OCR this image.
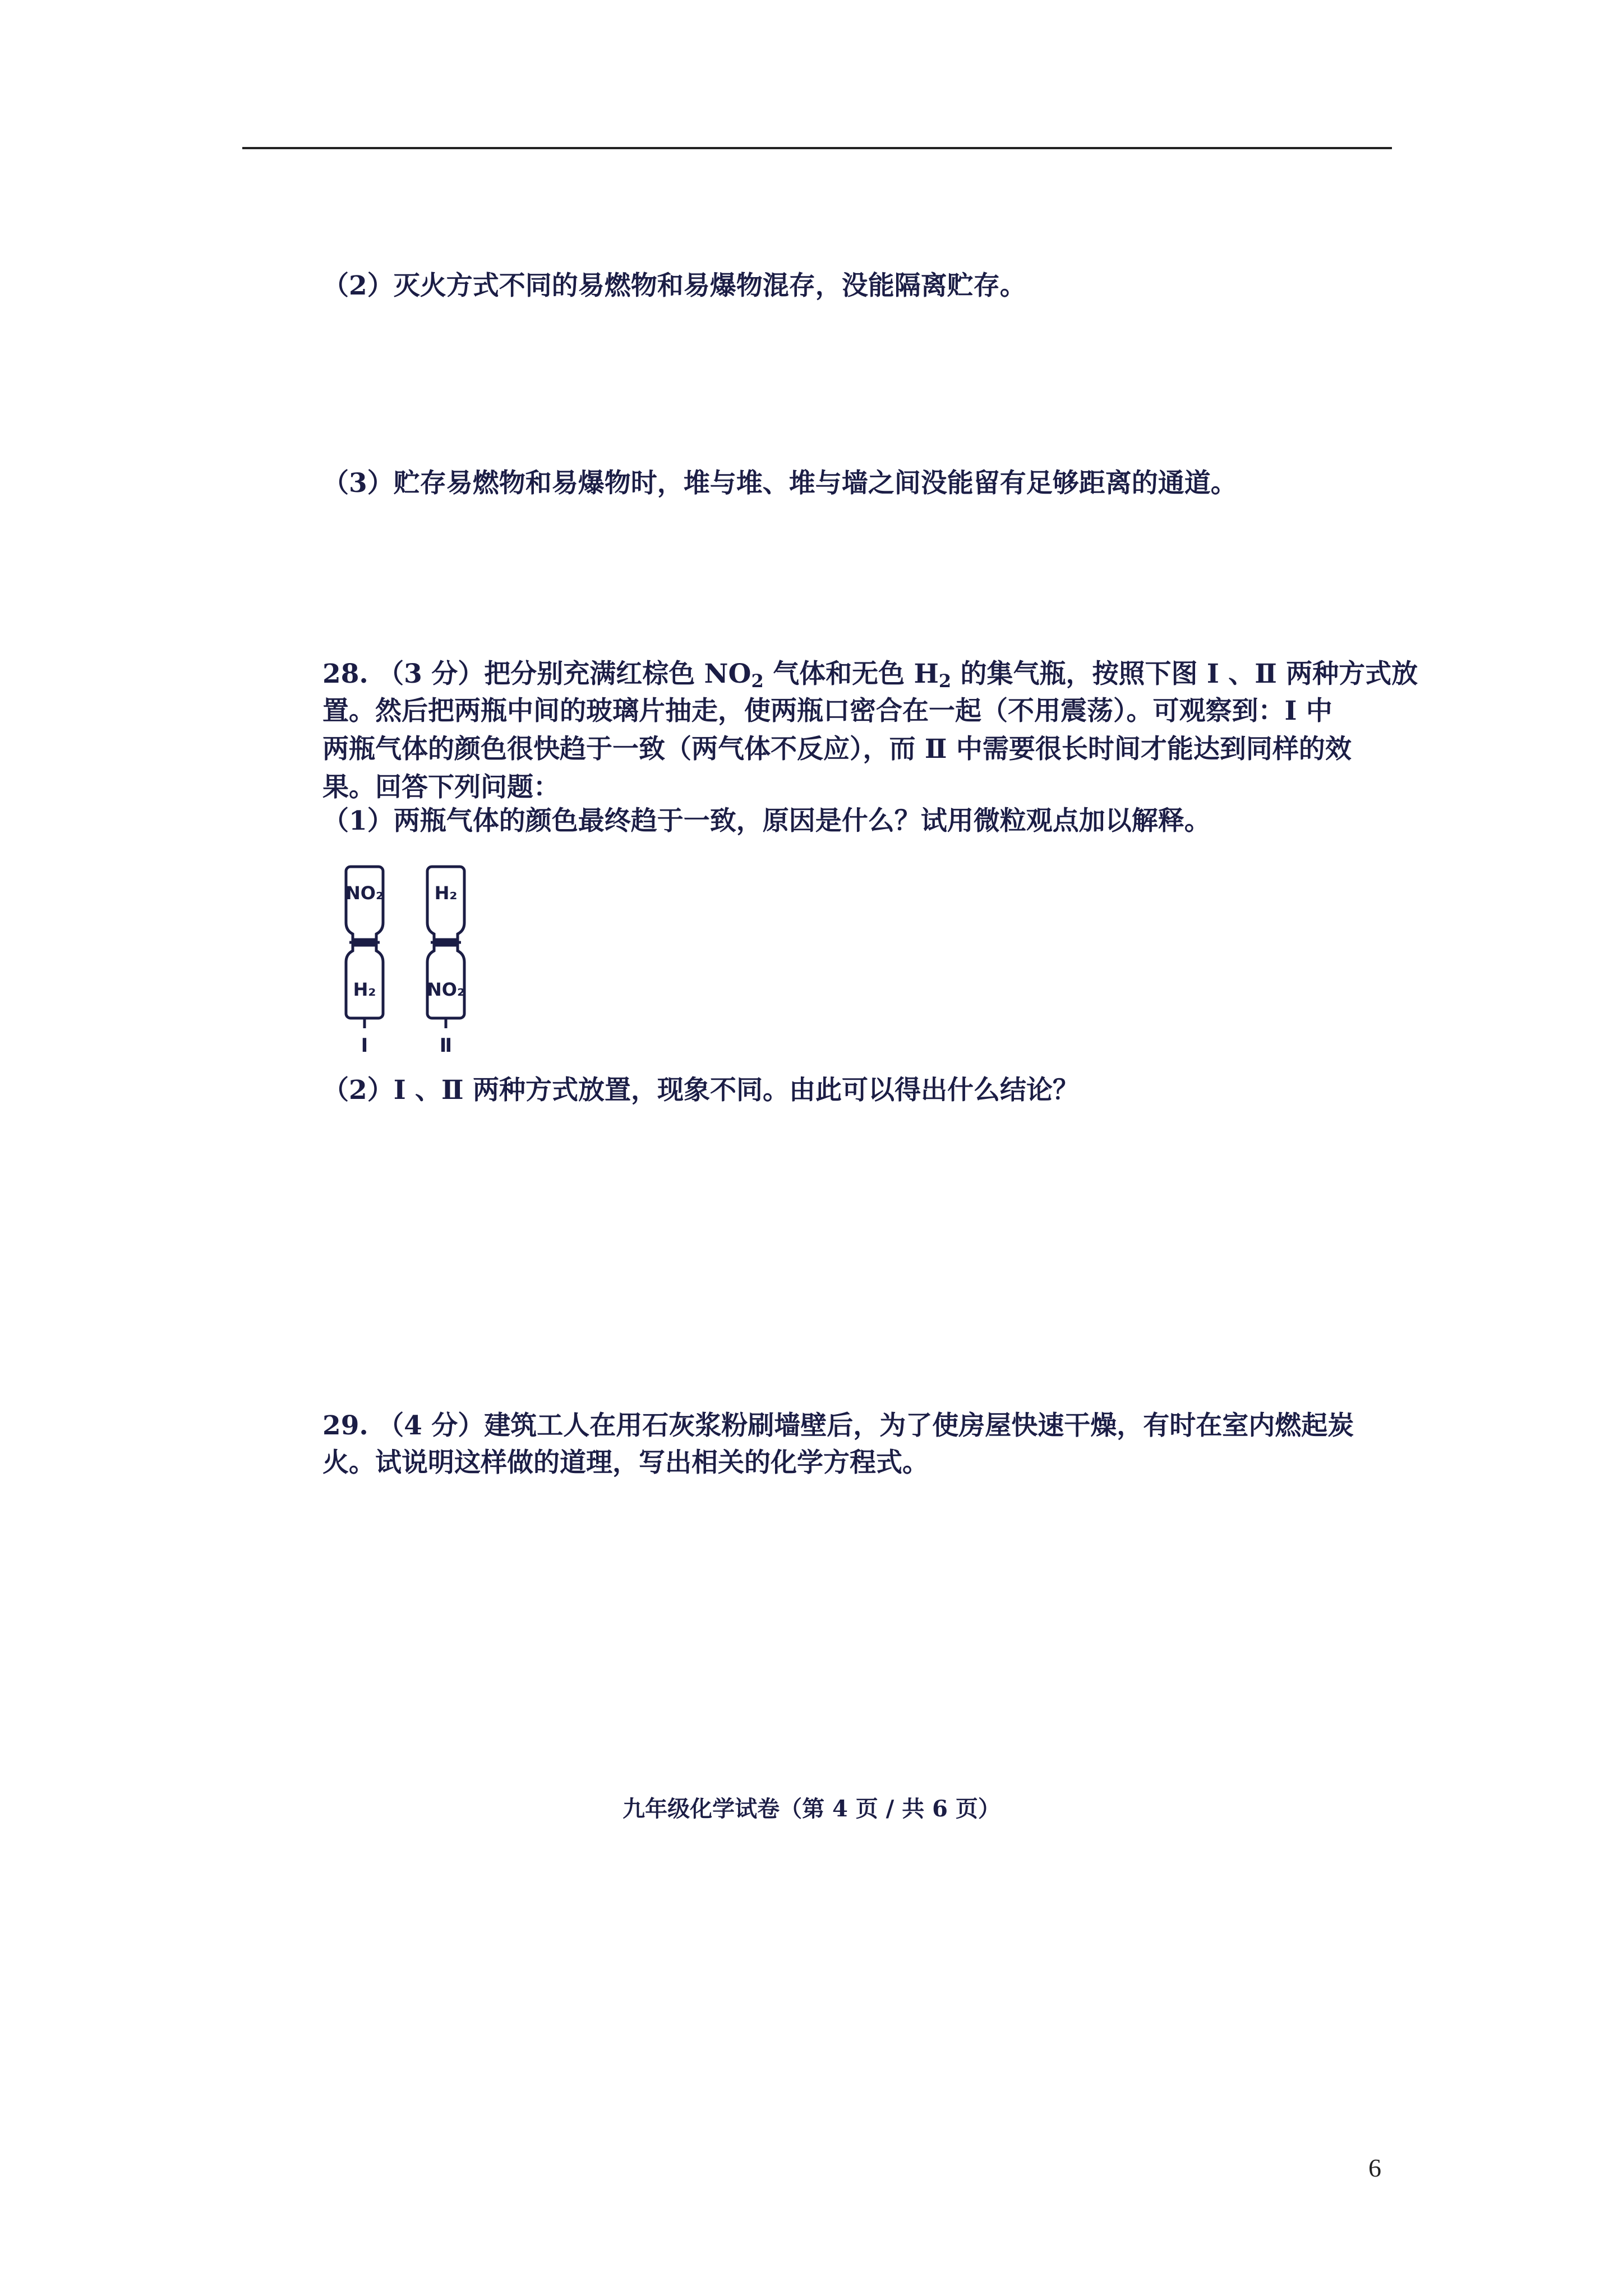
（2）灭火方式不同的易燃物和易爆物混存，没能隔离贮存。
（3）贮存易燃物和易爆物时，堆与堆、堆与墙之间没能留有足够距离的通道。
28. （3 分）把分别充满红棕色 $NO_2$ 气体和无色 $H_2$ 的集气瓶，按照下图 Ⅰ 、Ⅱ 两种方式放
置。然后把两瓶中间的玻璃片抽走，使两瓶口密合在一起（不用震荡）。可观察到：Ⅰ 中
两瓶气体的颜色很快趋于一致（两气体不反应），而 Ⅱ 中需要很长时间才能达到同样的效
果。回答下列问题：
（1）两瓶气体的颜色最终趋于一致，原因是什么？试用微粒观点加以解释。
NO₂
H₂
Ⅰ
H₂
NO₂
Ⅱ
（2）Ⅰ 、Ⅱ 两种方式放置，现象不同。由此可以得出什么结论？
29. （4 分）建筑工人在用石灰浆粉刷墙壁后，为了使房屋快速干燥，有时在室内燃起炭
火。试说明这样做的道理，写出相关的化学方程式。
九年级化学试卷（第 4 页 / 共 6 页）
6
